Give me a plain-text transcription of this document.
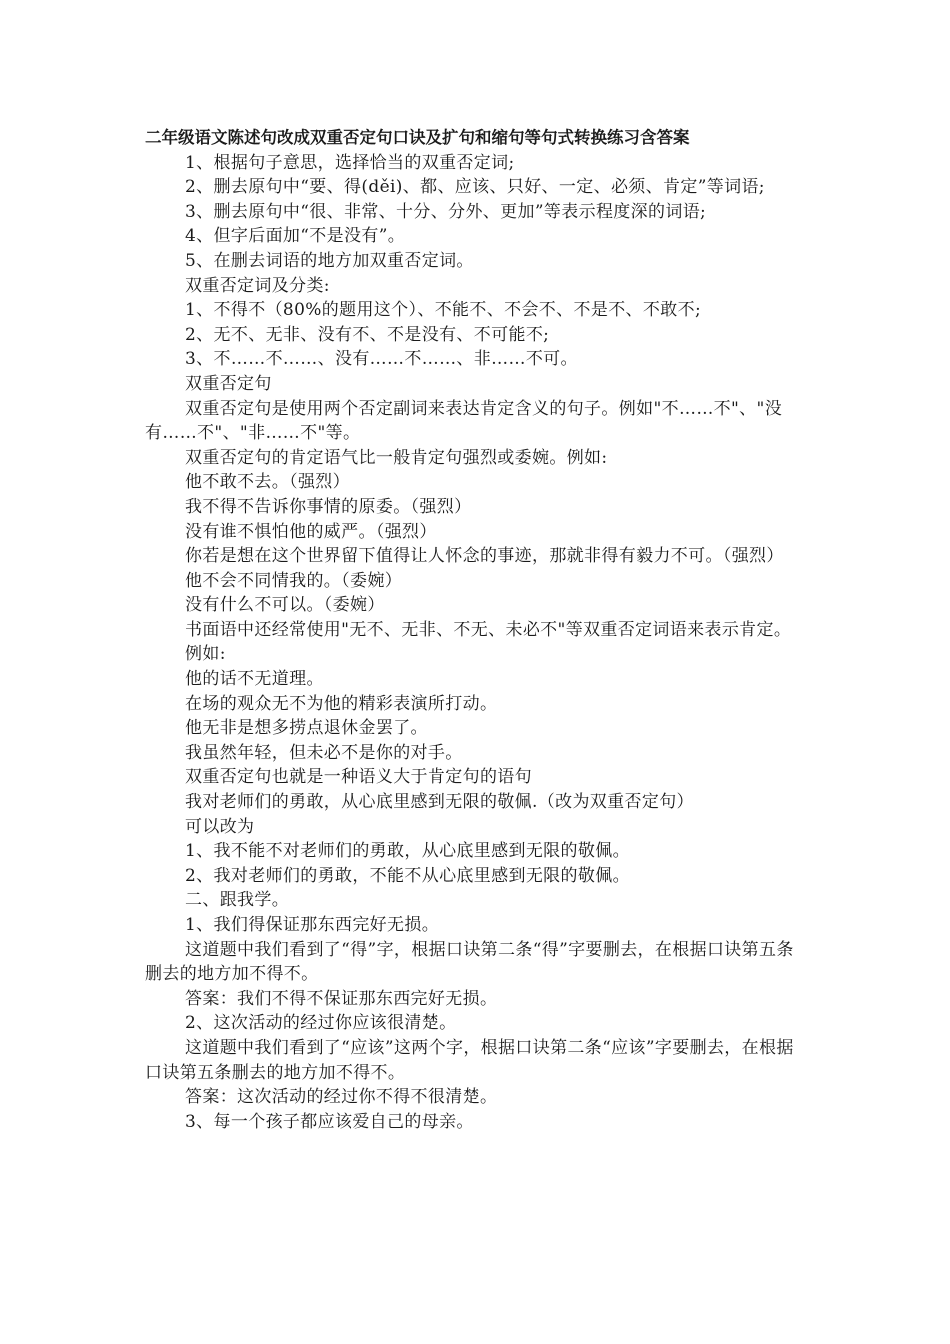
二年级语文陈述句改成双重否定句口诀及扩句和缩句等句式转换练习含答案

1、根据句子意思，选择恰当的双重否定词;

2、删去原句中“要、得(děi)、都、应该、只好、一定、必须、肯定”等词语;

3、删去原句中“很、非常、十分、分外、更加”等表示程度深的词语;

4、但字后面加“不是没有”。

5、在删去词语的地方加双重否定词。

双重否定词及分类:

1、不得不（80%的题用这个）、不能不、不会不、不是不、不敢不;

2、无不、无非、没有不、不是没有、不可能不;

3、不……不……、没有……不……、非……不可。

双重否定句

双重否定句是使用两个否定副词来表达肯定含义的句子。例如"不……不"、"没有……不"、"非……不"等。

双重否定句的肯定语气比一般肯定句强烈或委婉。例如:

他不敢不去。（强烈）

我不得不告诉你事情的原委。（强烈）

没有谁不惧怕他的威严。（强烈）

你若是想在这个世界留下值得让人怀念的事迹，那就非得有毅力不可。（强烈）

他不会不同情我的。（委婉）

没有什么不可以。（委婉）

书面语中还经常使用"无不、无非、不无、未必不"等双重否定词语来表示肯定。

例如:

他的话不无道理。

在场的观众无不为他的精彩表演所打动。

他无非是想多捞点退休金罢了。

我虽然年轻，但未必不是你的对手。

双重否定句也就是一种语义大于肯定句的语句

我对老师们的勇敢，从心底里感到无限的敬佩.（改为双重否定句）

可以改为

1、我不能不对老师们的勇敢，从心底里感到无限的敬佩。

2、我对老师们的勇敢，不能不从心底里感到无限的敬佩。

二、跟我学。

1、我们得保证那东西完好无损。

这道题中我们看到了“得”字，根据口诀第二条“得”字要删去，在根据口诀第五条删去的地方加不得不。

答案：我们不得不保证那东西完好无损。

2、这次活动的经过你应该很清楚。

这道题中我们看到了“应该”这两个字，根据口诀第二条“应该”字要删去，在根据口诀第五条删去的地方加不得不。

答案：这次活动的经过你不得不很清楚。

3、每一个孩子都应该爱自己的母亲。
